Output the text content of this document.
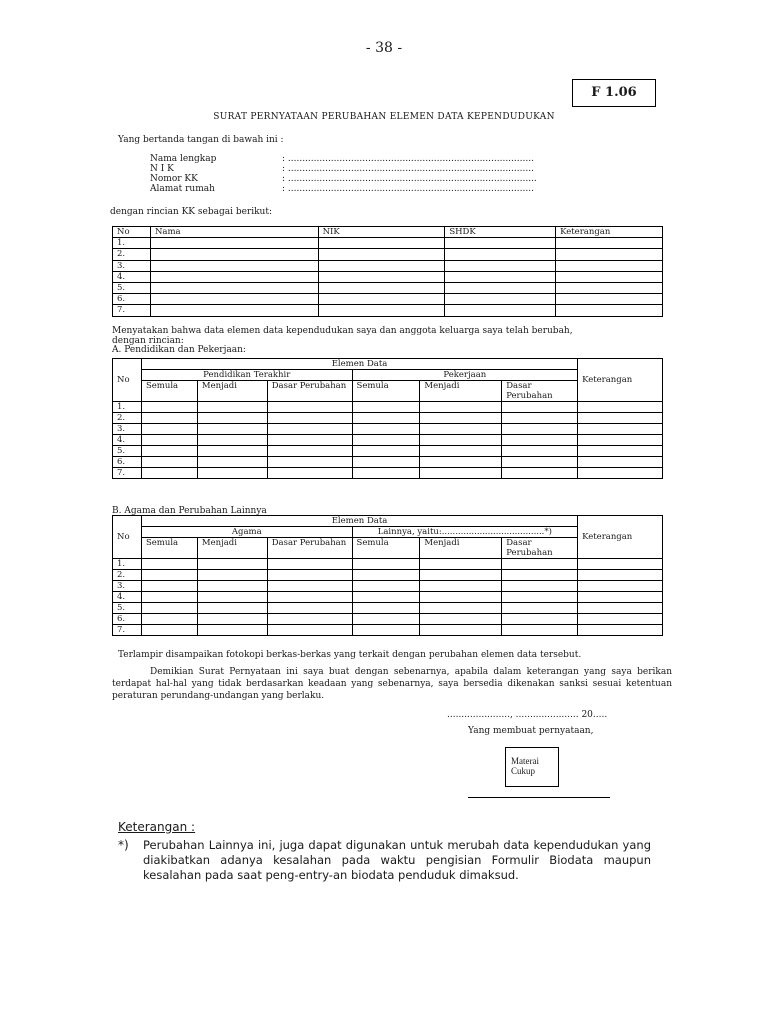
- 38 -
F 1.06
SURAT PERNYATAAN PERUBAHAN ELEMEN DATA KEPENDUDUKAN
Yang bertanda tangan di bawah ini :
Nama lengkap	: ......................................................................................
N I K	: ......................................................................................
Nomor KK	: .......................................................................................
Alamat rumah	: ......................................................................................
dengan rincian KK sebagai berikut:
No	Nama	NIK	SHDK	Keterangan
1.				
2.				
3.				
4.				
5.				
6.				
7.				
Menyatakan bahwa data elemen data kependudukan saya dan anggota keluarga saya telah berubah,
dengan rincian:
A. Pendidikan dan Pekerjaan:
No	Elemen Data						Keterangan
	Pendidikan Terakhir			Pekerjaan			
	Semula	Menjadi	Dasar Perubahan	Semula	Menjadi	Dasar Perubahan	
1.							
2.							
3.							
4.							
5.							
6.							
7.							
B. Agama dan Perubahan Lainnya
No	Elemen Data						Keterangan
	Agama			Lainnya, yaitu:......................................*)			
	Semula	Menjadi	Dasar Perubahan	Semula	Menjadi	Dasar Perubahan	
1.							
2.							
3.							
4.							
5.							
6.							
7.							
Terlampir disampaikan fotokopi berkas-berkas yang terkait dengan perubahan elemen data tersebut.
Demikian Surat Pernyataan ini saya buat dengan sebenarnya, apabila dalam keterangan yang saya berikan terdapat hal-hal yang tidak berdasarkan keadaan yang sebenarnya, saya bersedia dikenakan sanksi sesuai ketentuan peraturan perundang-undangan yang berlaku.
......................, ...................... 20.....
Yang membuat pernyataan,
Materai
Cukup
Keterangan :
*) Perubahan Lainnya ini, juga dapat digunakan untuk merubah data kependudukan yang diakibatkan adanya kesalahan pada waktu pengisian Formulir Biodata maupun kesalahan pada saat peng-entry-an biodata penduduk dimaksud.
